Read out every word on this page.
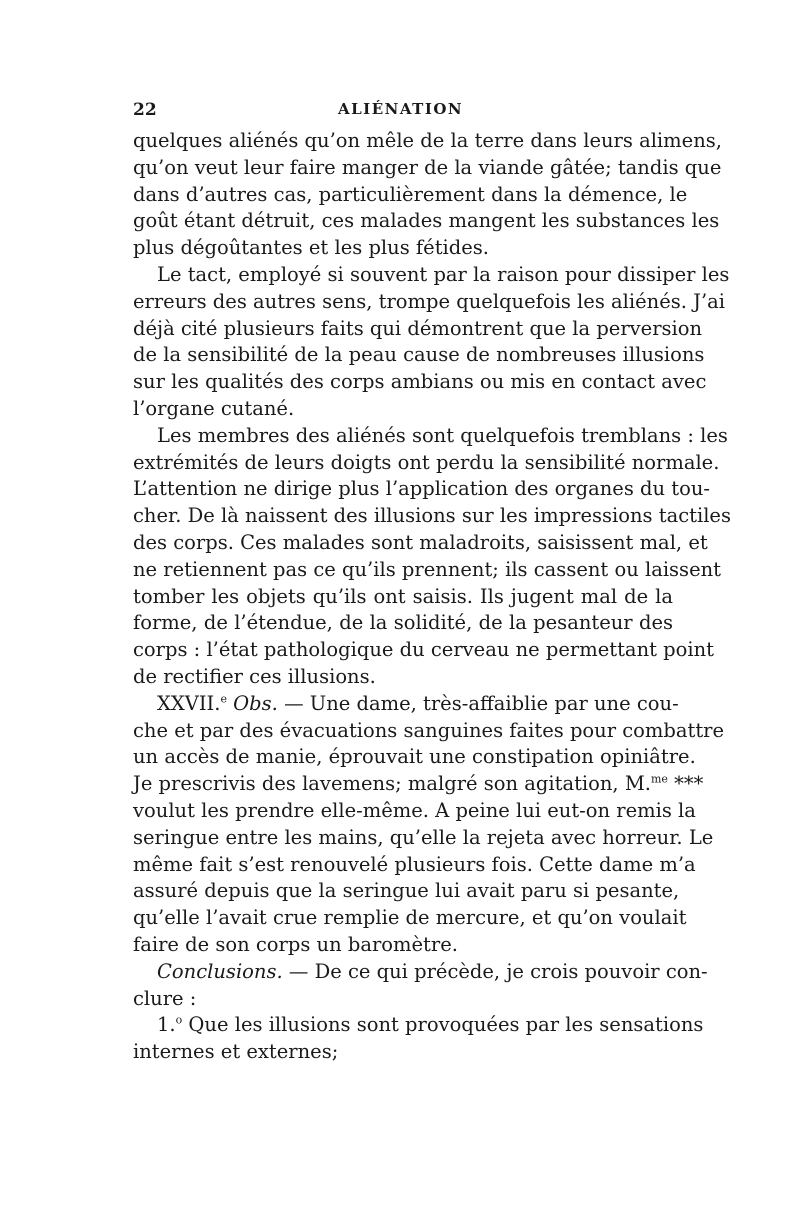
22	ALIÉNATION
quelques aliénés qu’on mêle de la terre dans leurs alimens,
qu’on veut leur faire manger de la viande gâtée; tandis que
dans d’autres cas, particulièrement dans la démence, le
goût étant détruit, ces malades mangent les substances les
plus dégoûtantes et les plus fétides.
Le tact, employé si souvent par la raison pour dissiper les
erreurs des autres sens, trompe quelquefois les aliénés. J’ai
déjà cité plusieurs faits qui démontrent que la perversion
de la sensibilité de la peau cause de nombreuses illusions
sur les qualités des corps ambians ou mis en contact avec
l’organe cutané.
Les membres des aliénés sont quelquefois tremblans : les
extrémités de leurs doigts ont perdu la sensibilité normale.
L’attention ne dirige plus l’application des organes du tou-
cher. De là naissent des illusions sur les impressions tactiles
des corps. Ces malades sont maladroits, saisissent mal, et
ne retiennent pas ce qu’ils prennent; ils cassent ou laissent
tomber les objets qu’ils ont saisis. Ils jugent mal de la
forme, de l’étendue, de la solidité, de la pesanteur des
corps : l’état pathologique du cerveau ne permettant point
de rectifier ces illusions.
XXVII.$^e$ Obs. — Une dame, très-affaiblie par une cou-
che et par des évacuations sanguines faites pour combattre
un accès de manie, éprouvait une constipation opiniâtre.
Je prescrivis des lavemens; malgré son agitation, M.$^{me}$ ***
voulut les prendre elle-même. A peine lui eut-on remis la
seringue entre les mains, qu’elle la rejeta avec horreur. Le
même fait s’est renouvelé plusieurs fois. Cette dame m’a
assuré depuis que la seringue lui avait paru si pesante,
qu’elle l’avait crue remplie de mercure, et qu’on voulait
faire de son corps un baromètre.
Conclusions. — De ce qui précède, je crois pouvoir con-
clure :
1.$^o$ Que les illusions sont provoquées par les sensations
internes et externes;
